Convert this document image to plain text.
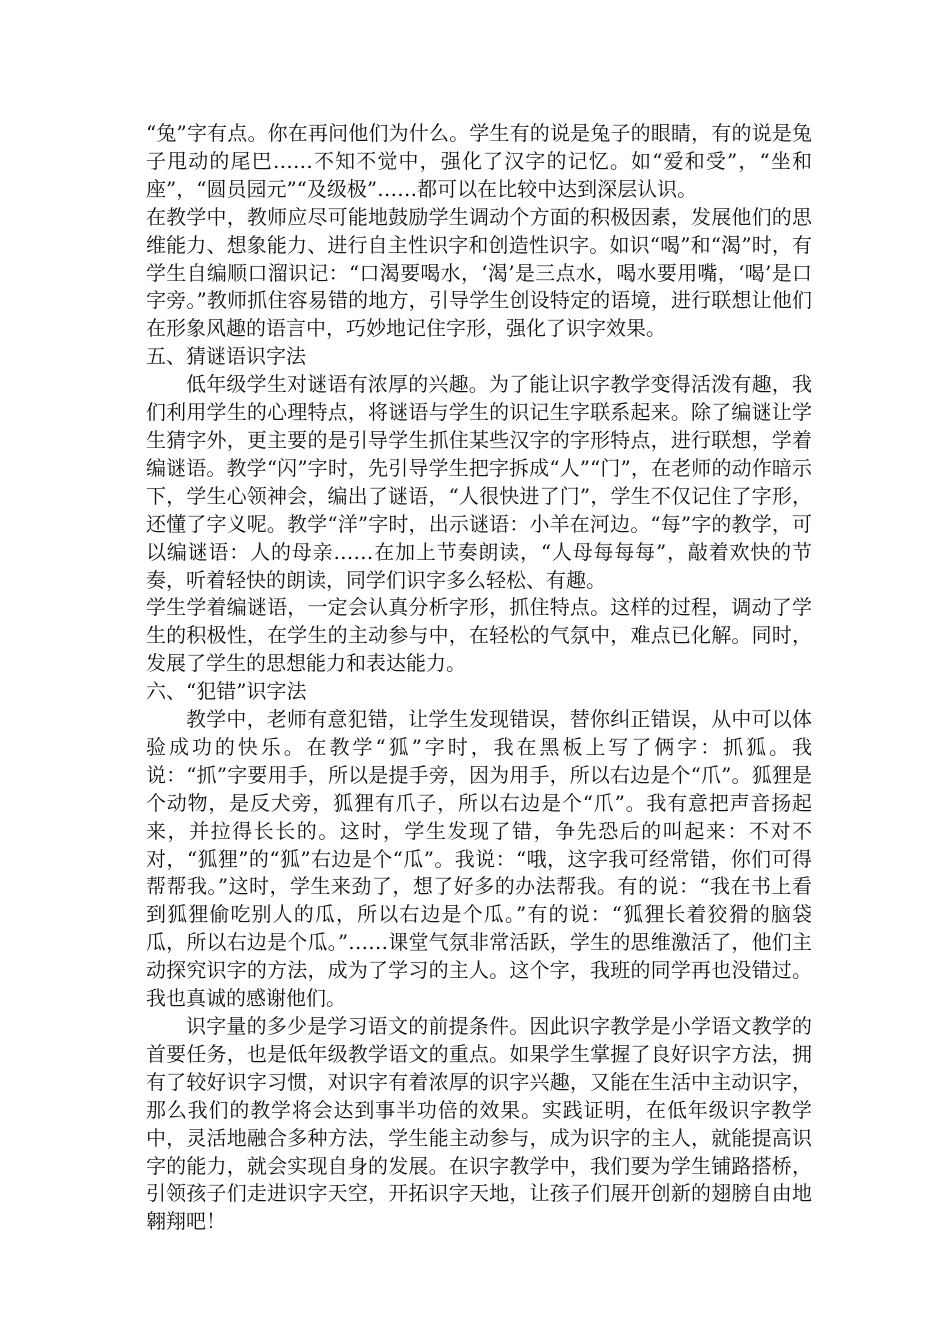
“兔”字有点。你在再问他们为什么。学生有的说是兔子的眼睛，有的说是兔子甩动的尾巴……不知不觉中，强化了汉字的记忆。如“爱和受”，“坐和座”，“圆员园元”“及级极”……都可以在比较中达到深层认识。

在教学中，教师应尽可能地鼓励学生调动个方面的积极因素，发展他们的思维能力、想象能力、进行自主性识字和创造性识字。如识“喝”和“渴”时，有学生自编顺口溜识记：“口渴要喝水，‘渴’是三点水，喝水要用嘴，‘喝’是口字旁。”教师抓住容易错的地方，引导学生创设特定的语境，进行联想让他们在形象风趣的语言中，巧妙地记住字形，强化了识字效果。

五、猜谜语识字法

低年级学生对谜语有浓厚的兴趣。为了能让识字教学变得活泼有趣，我们利用学生的心理特点，将谜语与学生的识记生字联系起来。除了编谜让学生猜字外，更主要的是引导学生抓住某些汉字的字形特点，进行联想，学着编谜语。教学“闪”字时，先引导学生把字拆成“人”“门”，在老师的动作暗示下，学生心领神会，编出了谜语，“人很快进了门”，学生不仅记住了字形，还懂了字义呢。教学“洋”字时，出示谜语：小羊在河边。“每”字的教学，可以编谜语：人的母亲……在加上节奏朗读，“人母每每每”，敲着欢快的节奏，听着轻快的朗读，同学们识字多么轻松、有趣。

学生学着编谜语，一定会认真分析字形，抓住特点。这样的过程，调动了学生的积极性，在学生的主动参与中，在轻松的气氛中，难点已化解。同时，发展了学生的思想能力和表达能力。

六、“犯错”识字法

教学中，老师有意犯错，让学生发现错误，替你纠正错误，从中可以体验成功的快乐。在教学“狐”字时，我在黑板上写了俩字：抓狐。我说：“抓”字要用手，所以是提手旁，因为用手，所以右边是个“爪”。狐狸是个动物，是反犬旁，狐狸有爪子，所以右边是个“爪”。我有意把声音扬起来，并拉得长长的。这时，学生发现了错，争先恐后的叫起来：不对不对，“狐狸”的“狐”右边是个“瓜”。我说：“哦，这字我可经常错，你们可得帮帮我。”这时，学生来劲了，想了好多的办法帮我。有的说：“我在书上看到狐狸偷吃别人的瓜，所以右边是个瓜。”有的说：“狐狸长着狡猾的脑袋瓜，所以右边是个瓜。”……课堂气氛非常活跃，学生的思维激活了，他们主动探究识字的方法，成为了学习的主人。这个字，我班的同学再也没错过。我也真诚的感谢他们。

识字量的多少是学习语文的前提条件。因此识字教学是小学语文教学的首要任务，也是低年级教学语文的重点。如果学生掌握了良好识字方法，拥有了较好识字习惯，对识字有着浓厚的识字兴趣，又能在生活中主动识字，那么我们的教学将会达到事半功倍的效果。实践证明，在低年级识字教学中，灵活地融合多种方法，学生能主动参与，成为识字的主人，就能提高识字的能力，就会实现自身的发展。在识字教学中，我们要为学生铺路搭桥，引领孩子们走进识字天空，开拓识字天地，让孩子们展开创新的翅膀自由地翱翔吧！
